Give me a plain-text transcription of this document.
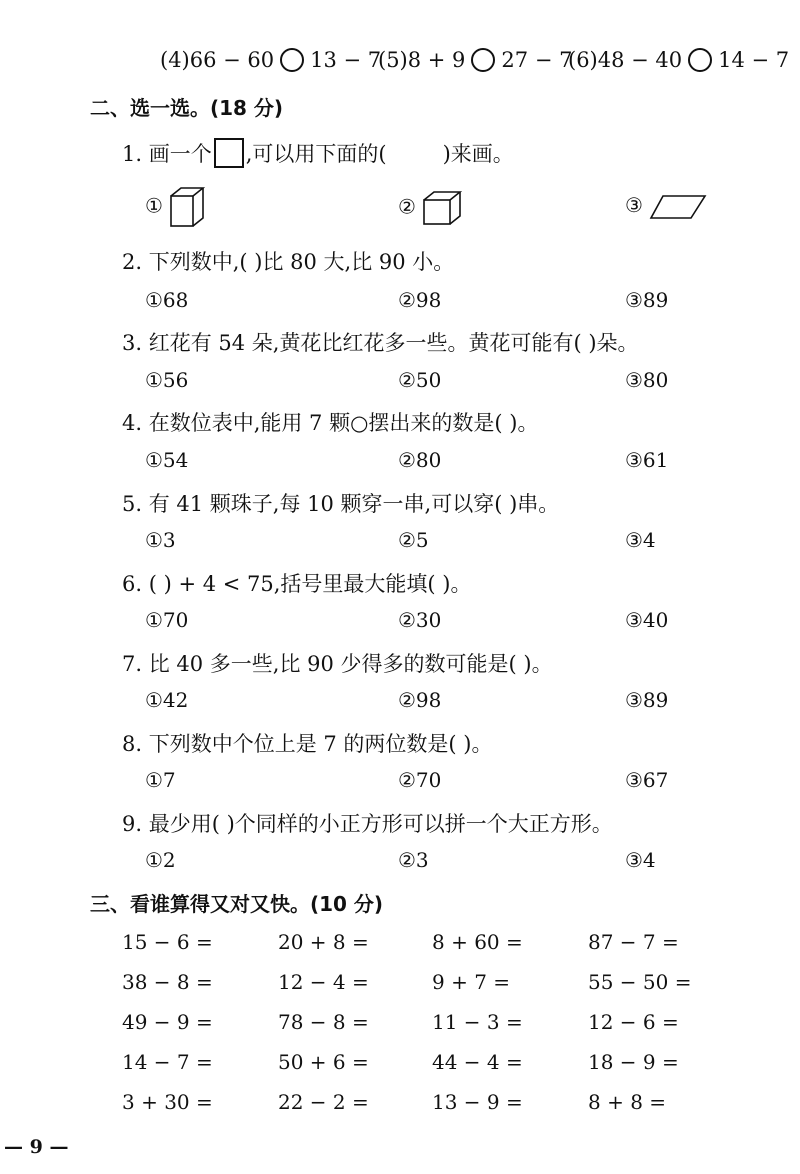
(4) 66 − 60 13 − 7
(5) 8 + 9 27 − 7
(6) 48 − 40 14 − 7
二、选一选。(18 分)
1. 画一个 ,可以用下面的(	)来画。
①	②	③
2. 下列数中,( )比 80 大,比 90 小。
①68	②98	③89
3. 红花有 54 朵,黄花比红花多一些。黄花可能有( )朵。
①56	②50	③80
4. 在数位表中,能用 7 颗○摆出来的数是( )。
①54	②80	③61
5. 有 41 颗珠子,每 10 颗穿一串,可以穿( )串。
①3	②5	③4
6. ( ) + 4 < 75,括号里最大能填( )。
①70	②30	③40
7. 比 40 多一些,比 90 少得多的数可能是( )。
①42	②98	③89
8. 下列数中个位上是 7 的两位数是( )。
①7	②70	③67
9. 最少用( )个同样的小正方形可以拼一个大正方形。
①2	②3	③4
三、看谁算得又对又快。(10 分)
15 − 6 =	20 + 8 =	8 + 60 =	87 − 7 =
38 − 8 =	12 − 4 =	9 + 7 =	55 − 50 =
49 − 9 =	78 − 8 =	11 − 3 =	12 − 6 =
14 − 7 =	50 + 6 =	44 − 4 =	18 − 9 =
3 + 30 =	22 − 2 =	13 − 9 =	8 + 8 =
— 9 —
